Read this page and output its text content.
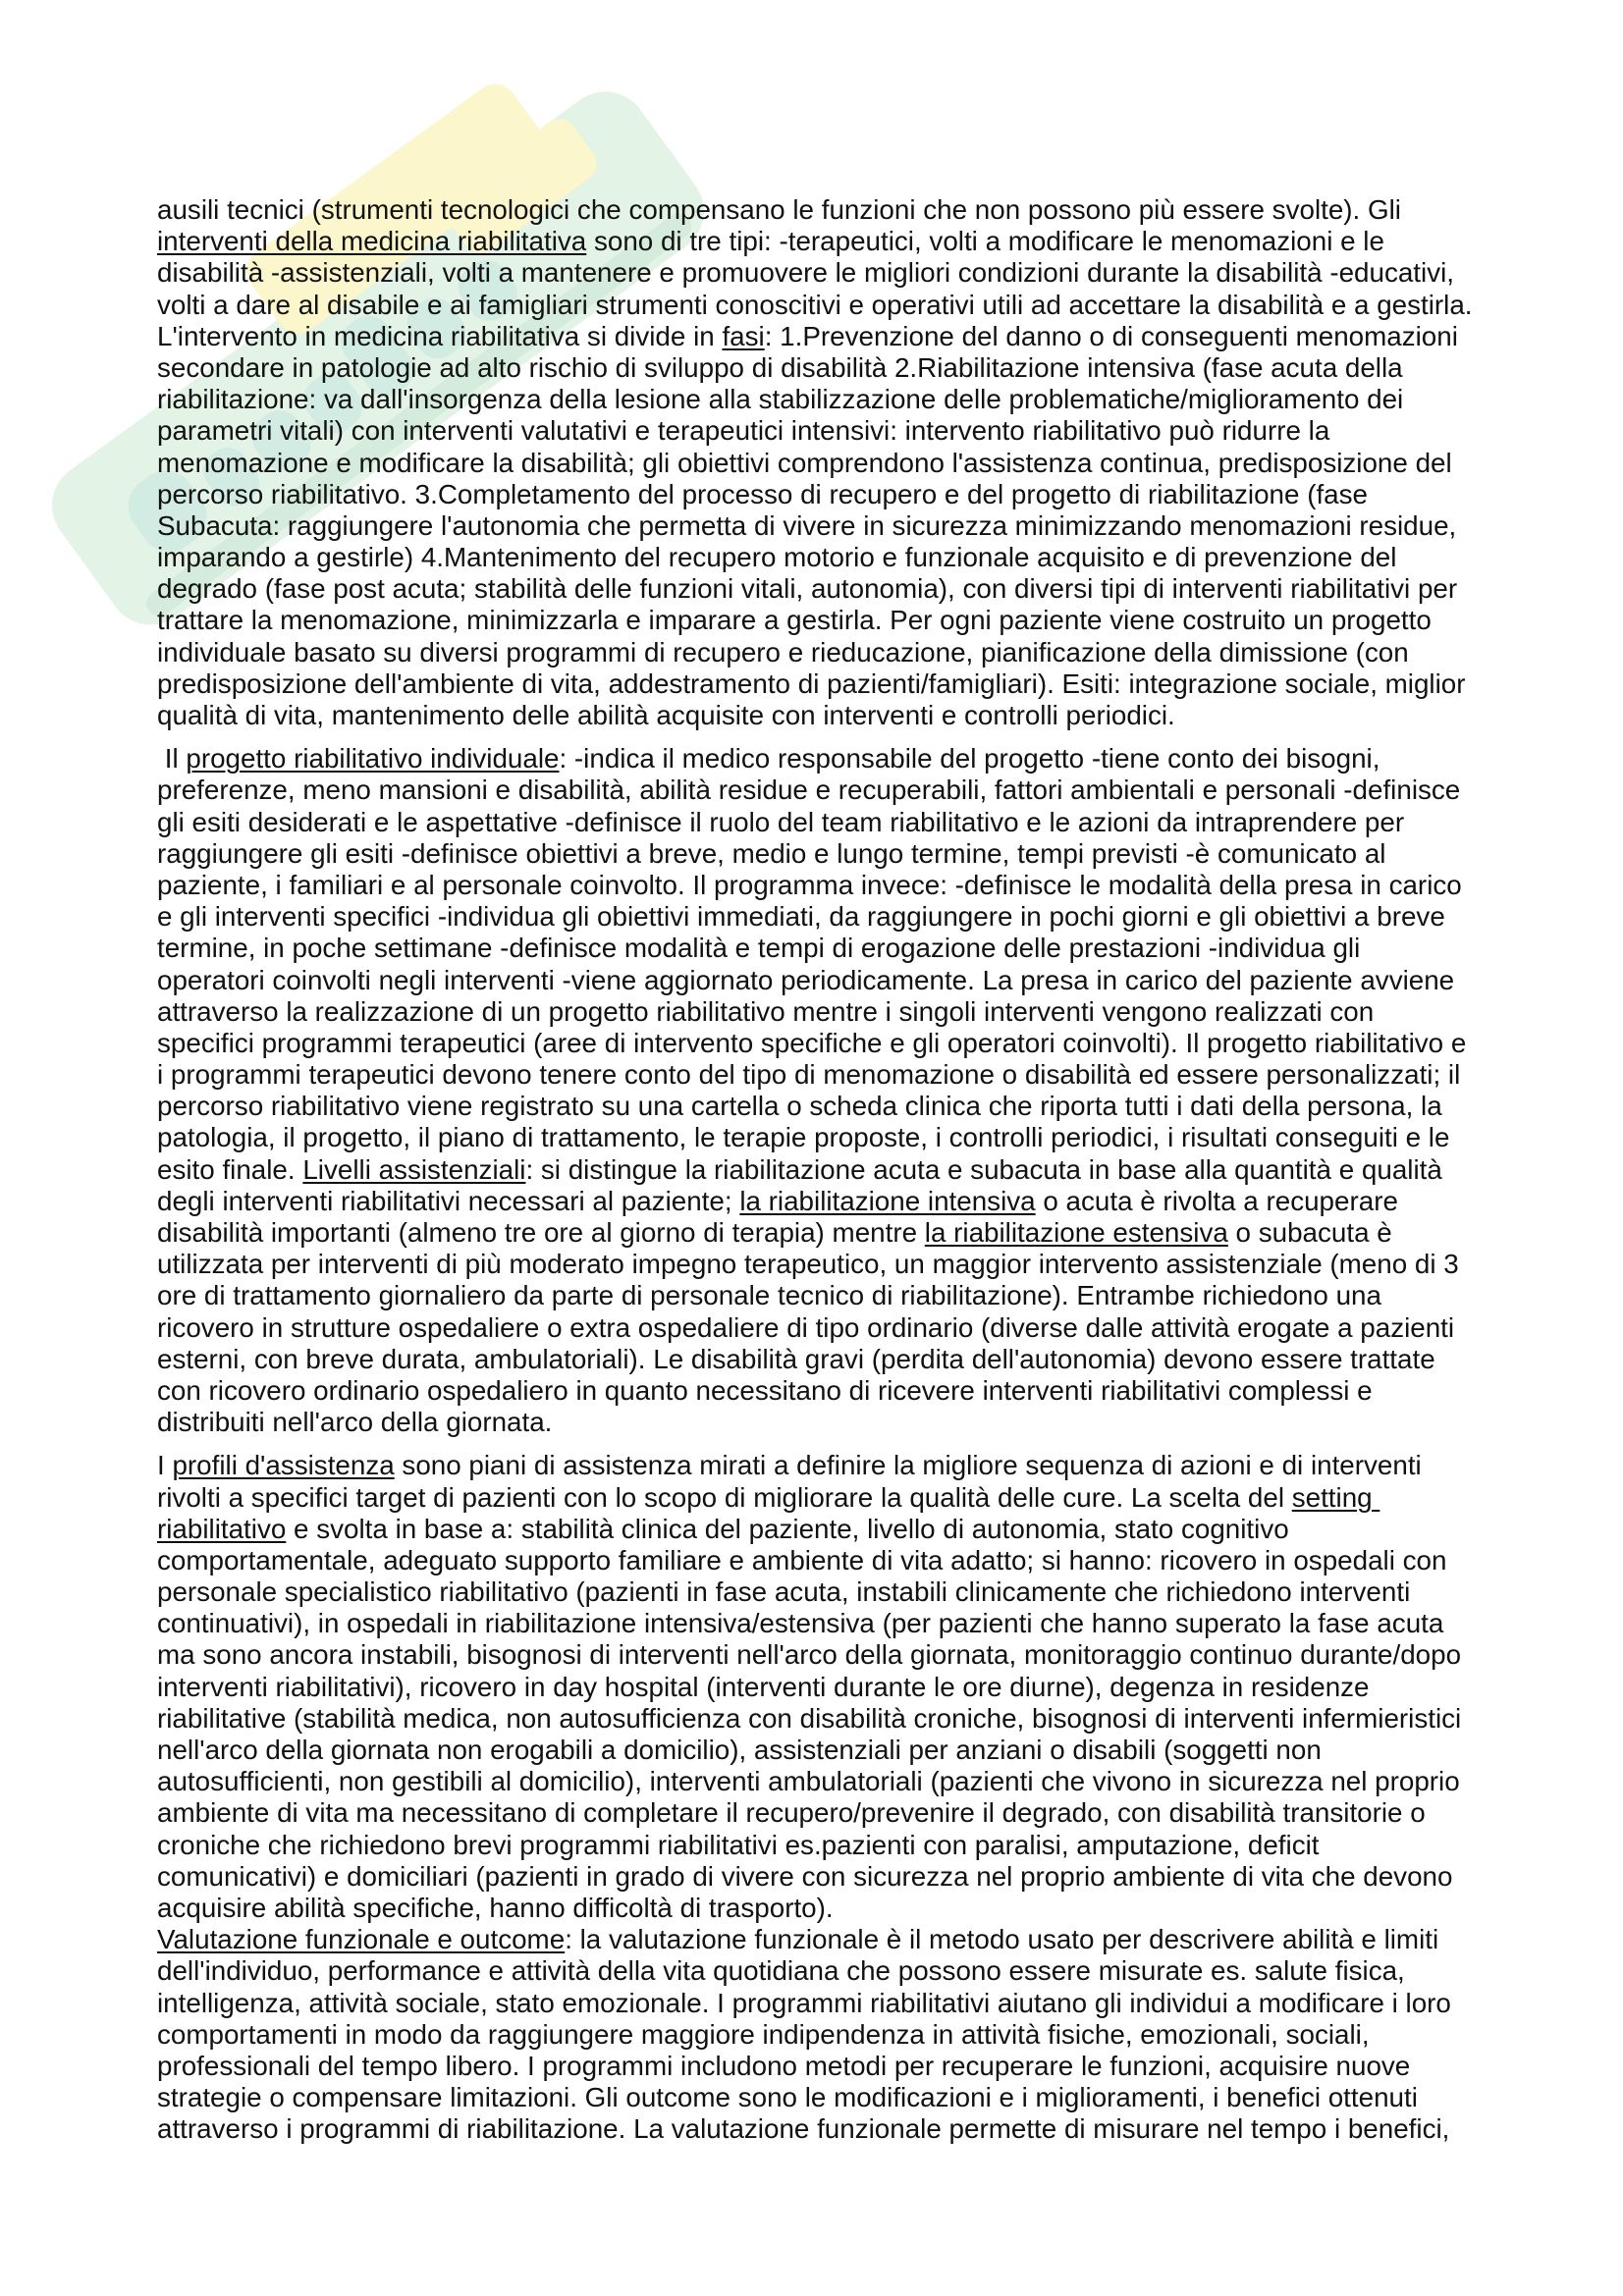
ausili tecnici (strumenti tecnologici che compensano le funzioni che non possono più essere svolte). Gli
interventi della medicina riabilitativa sono di tre tipi: -terapeutici, volti a modificare le menomazioni e le
disabilità -assistenziali, volti a mantenere e promuovere le migliori condizioni durante la disabilità -educativi,
volti a dare al disabile e ai famigliari strumenti conoscitivi e operativi utili ad accettare la disabilità e a gestirla.
L'intervento in medicina riabilitativa si divide in fasi: 1.Prevenzione del danno o di conseguenti menomazioni
secondare in patologie ad alto rischio di sviluppo di disabilità 2.Riabilitazione intensiva (fase acuta della
riabilitazione: va dall'insorgenza della lesione alla stabilizzazione delle problematiche/miglioramento dei
parametri vitali) con interventi valutativi e terapeutici intensivi: intervento riabilitativo può ridurre la
menomazione e modificare la disabilità; gli obiettivi comprendono l'assistenza continua, predisposizione del
percorso riabilitativo. 3.Completamento del processo di recupero e del progetto di riabilitazione (fase
Subacuta: raggiungere l'autonomia che permetta di vivere in sicurezza minimizzando menomazioni residue,
imparando a gestirle) 4.Mantenimento del recupero motorio e funzionale acquisito e di prevenzione del
degrado (fase post acuta; stabilità delle funzioni vitali, autonomia), con diversi tipi di interventi riabilitativi per
trattare la menomazione, minimizzarla e imparare a gestirla. Per ogni paziente viene costruito un progetto
individuale basato su diversi programmi di recupero e rieducazione, pianificazione della dimissione (con
predisposizione dell'ambiente di vita, addestramento di pazienti/famigliari). Esiti: integrazione sociale, miglior
qualità di vita, mantenimento delle abilità acquisite con interventi e controlli periodici.
Il progetto riabilitativo individuale: -indica il medico responsabile del progetto -tiene conto dei bisogni,
preferenze, meno mansioni e disabilità, abilità residue e recuperabili, fattori ambientali e personali -definisce
gli esiti desiderati e le aspettative -definisce il ruolo del team riabilitativo e le azioni da intraprendere per
raggiungere gli esiti -definisce obiettivi a breve, medio e lungo termine, tempi previsti -è comunicato al
paziente, i familiari e al personale coinvolto. Il programma invece: -definisce le modalità della presa in carico
e gli interventi specifici -individua gli obiettivi immediati, da raggiungere in pochi giorni e gli obiettivi a breve
termine, in poche settimane -definisce modalità e tempi di erogazione delle prestazioni -individua gli
operatori coinvolti negli interventi -viene aggiornato periodicamente. La presa in carico del paziente avviene
attraverso la realizzazione di un progetto riabilitativo mentre i singoli interventi vengono realizzati con
specifici programmi terapeutici (aree di intervento specifiche e gli operatori coinvolti). Il progetto riabilitativo e
i programmi terapeutici devono tenere conto del tipo di menomazione o disabilità ed essere personalizzati; il
percorso riabilitativo viene registrato su una cartella o scheda clinica che riporta tutti i dati della persona, la
patologia, il progetto, il piano di trattamento, le terapie proposte, i controlli periodici, i risultati conseguiti e le
esito finale. Livelli assistenziali: si distingue la riabilitazione acuta e subacuta in base alla quantità e qualità
degli interventi riabilitativi necessari al paziente; la riabilitazione intensiva o acuta è rivolta a recuperare
disabilità importanti (almeno tre ore al giorno di terapia) mentre la riabilitazione estensiva o subacuta è
utilizzata per interventi di più moderato impegno terapeutico, un maggior intervento assistenziale (meno di 3
ore di trattamento giornaliero da parte di personale tecnico di riabilitazione). Entrambe richiedono una
ricovero in strutture ospedaliere o extra ospedaliere di tipo ordinario (diverse dalle attività erogate a pazienti
esterni, con breve durata, ambulatoriali). Le disabilità gravi (perdita dell'autonomia) devono essere trattate
con ricovero ordinario ospedaliero in quanto necessitano di ricevere interventi riabilitativi complessi e
distribuiti nell'arco della giornata.
I profili d'assistenza sono piani di assistenza mirati a definire la migliore sequenza di azioni e di interventi
rivolti a specifici target di pazienti con lo scopo di migliorare la qualità delle cure. La scelta del setting
riabilitativo e svolta in base a: stabilità clinica del paziente, livello di autonomia, stato cognitivo
comportamentale, adeguato supporto familiare e ambiente di vita adatto; si hanno: ricovero in ospedali con
personale specialistico riabilitativo (pazienti in fase acuta, instabili clinicamente che richiedono interventi
continuativi), in ospedali in riabilitazione intensiva/estensiva (per pazienti che hanno superato la fase acuta
ma sono ancora instabili, bisognosi di interventi nell'arco della giornata, monitoraggio continuo durante/dopo
interventi riabilitativi), ricovero in day hospital (interventi durante le ore diurne), degenza in residenze
riabilitative (stabilità medica, non autosufficienza con disabilità croniche, bisognosi di interventi infermieristici
nell'arco della giornata non erogabili a domicilio), assistenziali per anziani o disabili (soggetti non
autosufficienti, non gestibili al domicilio), interventi ambulatoriali (pazienti che vivono in sicurezza nel proprio
ambiente di vita ma necessitano di completare il recupero/prevenire il degrado, con disabilità transitorie o
croniche che richiedono brevi programmi riabilitativi es.pazienti con paralisi, amputazione, deficit
comunicativi) e domiciliari (pazienti in grado di vivere con sicurezza nel proprio ambiente di vita che devono
acquisire abilità specifiche, hanno difficoltà di trasporto).
Valutazione funzionale e outcome: la valutazione funzionale è il metodo usato per descrivere abilità e limiti
dell'individuo, performance e attività della vita quotidiana che possono essere misurate es. salute fisica,
intelligenza, attività sociale, stato emozionale. I programmi riabilitativi aiutano gli individui a modificare i loro
comportamenti in modo da raggiungere maggiore indipendenza in attività fisiche, emozionali, sociali,
professionali del tempo libero. I programmi includono metodi per recuperare le funzioni, acquisire nuove
strategie o compensare limitazioni. Gli outcome sono le modificazioni e i miglioramenti, i benefici ottenuti
attraverso i programmi di riabilitazione. La valutazione funzionale permette di misurare nel tempo i benefici,
